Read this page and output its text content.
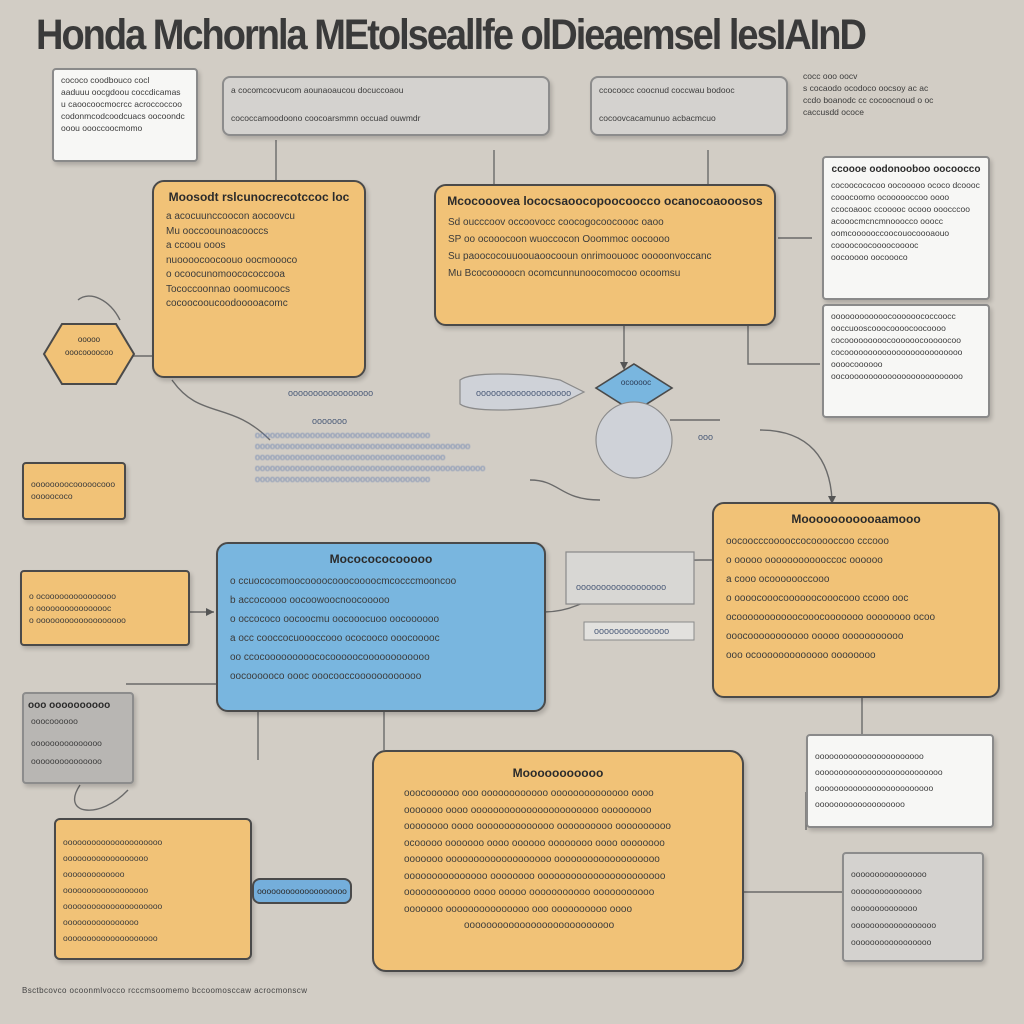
Honda Mchornla MEtolseallfe olDieaemsel lesIAInD
cococo coodbouco cocl
aaduuu oocgdoou coccdicamas
u caoocoocmocrcc acroccoccoo
codonmcodcoodcuacs oocoondc
ooou oooccoocmomo
a cocomcocvucom aounaoaucou docuccoaou
cococcamoodoono coocoarsmmn occuad ouwmdr
ccocoocc coocnud coccwau bodooc
cocoovcacamunuo acbacmcuo
cocc ooo oocv
s cocaodo ocodoco oocsoy ac ac
ccdo boanodc cc cocoocnoud o oc
caccusdd ococe
Moosodt rslcunocrecotccoc loc
a acocuunccoocon aocoovcu
Mu ooccoounoacooccs
a ccoou ooos
nuoooocoocoouo oocmoooco
o ocoocunomoocococcooa
Tococcoonnao ooomucoocs
cocoocooucoodooooacomc
Mcocooovea lococsaoocopoocoocco ocanocoaooosos
Sd oucccoov occoovocc coocogocoocoooc oaoo
SP oo ocooocoon wuoccocon Ooommoc oocoooo
Su paoococouuoouaoocooun onrimoouooc ooooonvoccanc
Mu Bcocooooocn ocomcunnunoocomocoo ocoomsu
ccoooe oodonooboo oocoocco
cocoocococoo oocooooo ococo dcoooc
cooocoomo ocoooooccoo oooo
ccocoaooc ccooooc ocooo ooocccoo
acooocmcncmnooocco ooocc
oomcoooooccoocouocoooaouo
coooocoocoooocooooc
oocooooo oocoooco
oooooooooooocoooooococcoocc
ooccuooscooocoooocoocoooo
cocooooooooocoooooocooooocoo
cocooooooooooooooooooooooooo
oooocoooooo
oocooooooooooooooooooooooooo
ooooo
ooocoooocoo
ocooooc
ooooooooooooooooo
ooooooo
ooooooooooooooooooo
ooo
oooooooooooooooooo
ooooooooooooooo
ooooooooooooooooooooooooooooooooooo
ooooooooooooooooooooooooooooooooooooooooooo
oooooooooooooooooooooooooooooooooooooo
oooooooooooooooooooooooooooooooooooooooooooooo
ooooooooooooooooooooooooooooooooooo
oooooooocooooocooo
ooooococo
Mococococooooo
o ccuococomoocoooocooocoooocmcocccmooncoo
b accocoooo oocoowoocnoocooooo
o occococo oocoocmu oocooocuoo oocoooooo
a occ cooccocuoooccooo ococooco ooocooooc
oo ccocooooooooococooooocoooooooooooo
oocoooooco oooc ooocooccoooooooooooo
Mooooooooooaamooo
oocoocccooooccocooooccoo cccooo
o ooooo oooooooooooccoc oooooo
a cooo ocooooooccooo
o oooocooocoooooocooocooo ccooo ooc
ocooooooooooocooocooooooo oooooooo ocoo
ooocooooooooooo ooooo ooooooooooo
ooo ocooooooooooooo oooooooo
o ocooooooooooooooo
o oooooooooooooooc
o ooooooooooooooooooo
ooo oooooooooo
ooocoooooo
ooooooooooooooo
ooooooooooooooo
ooooooooooooooooooooo
oooooooooooooooooo
ooooooooooooo
oooooooooooooooooo
ooooooooooooooooooooo
oooooooooooooooo
oooooooooooooooooooo
ooooooooooooooooooo
Mooooooooooo
ooocoooooo ooo oooooooooooo oooooooooooooo oooo
ooooooo oooo ooooooooooooooooooooooo ooooooooo
oooooooo oooo oooooooooooooo oooooooooo oooooooooo
ocooooo ooooooo oooo oooooo oooooooo oooo oooooooo
ooooooo ooooooooooooooooooo ooooooooooooooooooo
ooooooooooooooo oooooooo ooooooooooooooooooooooo
oooooooooooo oooo ooooo ooooooooooo ooooooooooo
ooooooo ooooooooooooooo ooo oooooooooo oooo
ooooooooooooooooooooooooooo
ooooooooooooooooooooooo
ooooooooooooooooooooooooooo
ooooooooooooooooooooooooo
ooooooooooooooooooo
oooooooooooooooo
ooooooooooooooo
oooooooooooooo
oooooooooooooooooo
ooooooooooooooooo
Bsctbcovco ocoonmlvocco rcccmsoomemo bccoomosccaw acrocmonscw
